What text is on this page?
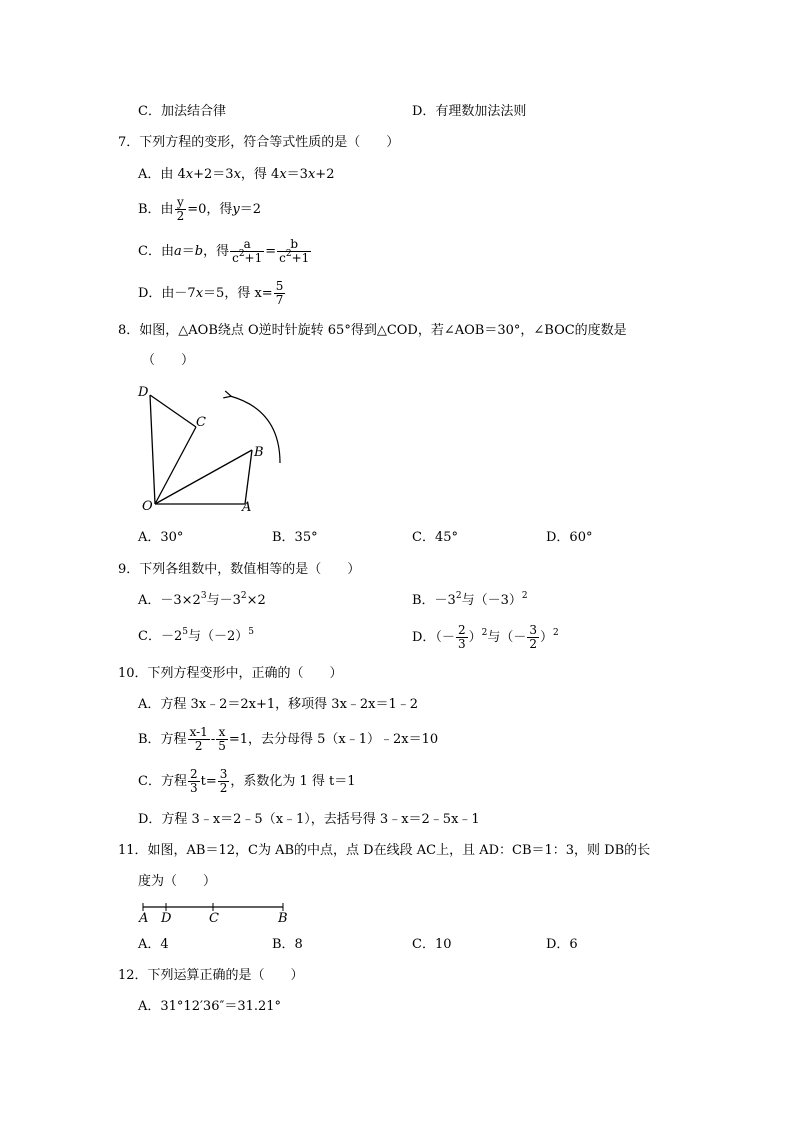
C．加法结合律	D．有理数加法法则
7．下列方程的变形，符合等式性质的是（　　）
A．由 4x+2＝3x，得 4x＝3x+2
B．由 $\frac{y}{2} =0$，得y＝2
C．由a＝b，得 $\frac{a}{c^2+1} = \frac{b}{c^2+1}$
D．由－7x＝5，得 $x= \frac{5}{7}$
8．如图，△AOB绕点 O逆时针旋转 65°得到△COD，若∠AOB＝30°，∠BOC的度数是
（　　）
D
C
B
O	A
A．30°	B．35°	C．45°	D．60°
9．下列各组数中，数值相等的是（　　）
A．$-3\times 2^3$与$-3^2\times 2$	B．$-3^2$与$(-3)^2$
C．$-2^5$与$(-2)^5$	D．（－ $\frac{2}{3} )^2$与（－ $\frac{3}{2} )^2$
10．下列方程变形中，正确的（　　）
A．方程 3x﹣2＝2x+1，移项得 3x﹣2x＝1﹣2
B．方程 $\frac{x-1}{2} - \frac{x}{5} =1$，去分母得 5（x﹣1）﹣2x＝10
C．方程 $\frac{2}{3} t= \frac{3}{2}$ ，系数化为 1 得 t＝1
D．方程 3﹣x＝2﹣5（x﹣1），去括号得 3﹣x＝2﹣5x﹣1
11．如图，AB＝12，C为 AB的中点，点 D在线段 AC上，且 AD：CB＝1：3，则 DB的长
度为（　　）
A D	C	B
A．4	B．8	C．10	D．6
12．下列运算正确的是（　　）
A．31°12′36″＝31.21°
